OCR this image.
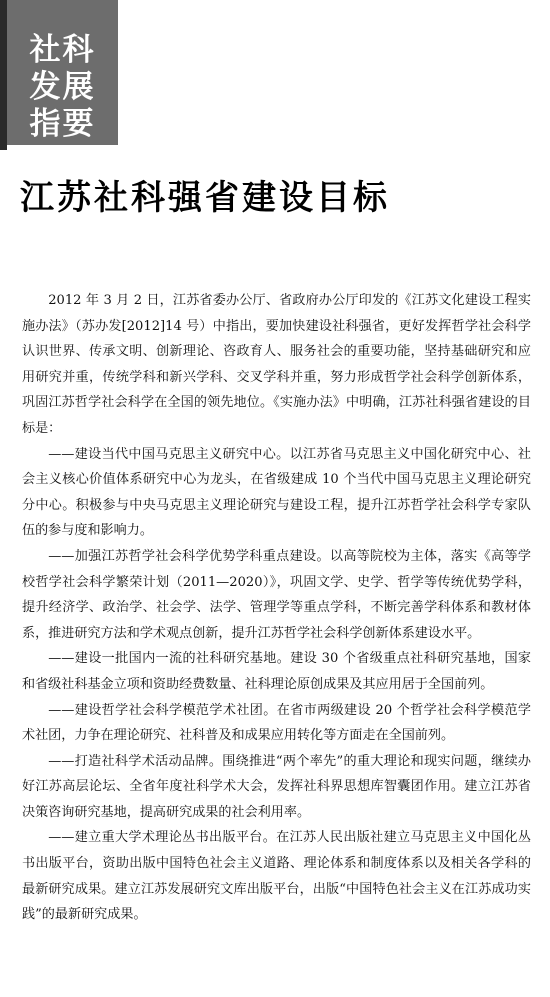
社科
发展
指要
江苏社科强省建设目标

2012 年 3 月 2 日，江苏省委办公厅、省政府办公厅印发的《江苏文化建设工程实施办法》（苏办发[2012]14 号）中指出，要加快建设社科强省，更好发挥哲学社会科学认识世界、传承文明、创新理论、咨政育人、服务社会的重要功能，坚持基础研究和应用研究并重，传统学科和新兴学科、交叉学科并重，努力形成哲学社会科学创新体系，巩固江苏哲学社会科学在全国的领先地位。《实施办法》中明确，江苏社科强省建设的目标是：

——建设当代中国马克思主义研究中心。以江苏省马克思主义中国化研究中心、社会主义核心价值体系研究中心为龙头，在省级建成 10 个当代中国马克思主义理论研究分中心。积极参与中央马克思主义理论研究与建设工程，提升江苏哲学社会科学专家队伍的参与度和影响力。

——加强江苏哲学社会科学优势学科重点建设。以高等院校为主体，落实《高等学校哲学社会科学繁荣计划（2011—2020）》，巩固文学、史学、哲学等传统优势学科，提升经济学、政治学、社会学、法学、管理学等重点学科，不断完善学科体系和教材体系，推进研究方法和学术观点创新，提升江苏哲学社会科学创新体系建设水平。

——建设一批国内一流的社科研究基地。建设 30 个省级重点社科研究基地，国家和省级社科基金立项和资助经费数量、社科理论原创成果及其应用居于全国前列。

——建设哲学社会科学模范学术社团。在省市两级建设 20 个哲学社会科学模范学术社团，力争在理论研究、社科普及和成果应用转化等方面走在全国前列。

——打造社科学术活动品牌。围绕推进“两个率先”的重大理论和现实问题，继续办好江苏高层论坛、全省年度社科学术大会，发挥社科界思想库智囊团作用。建立江苏省决策咨询研究基地，提高研究成果的社会利用率。

——建立重大学术理论丛书出版平台。在江苏人民出版社建立马克思主义中国化丛书出版平台，资助出版中国特色社会主义道路、理论体系和制度体系以及相关各学科的最新研究成果。建立江苏发展研究文库出版平台，出版“中国特色社会主义在江苏成功实践”的最新研究成果。
